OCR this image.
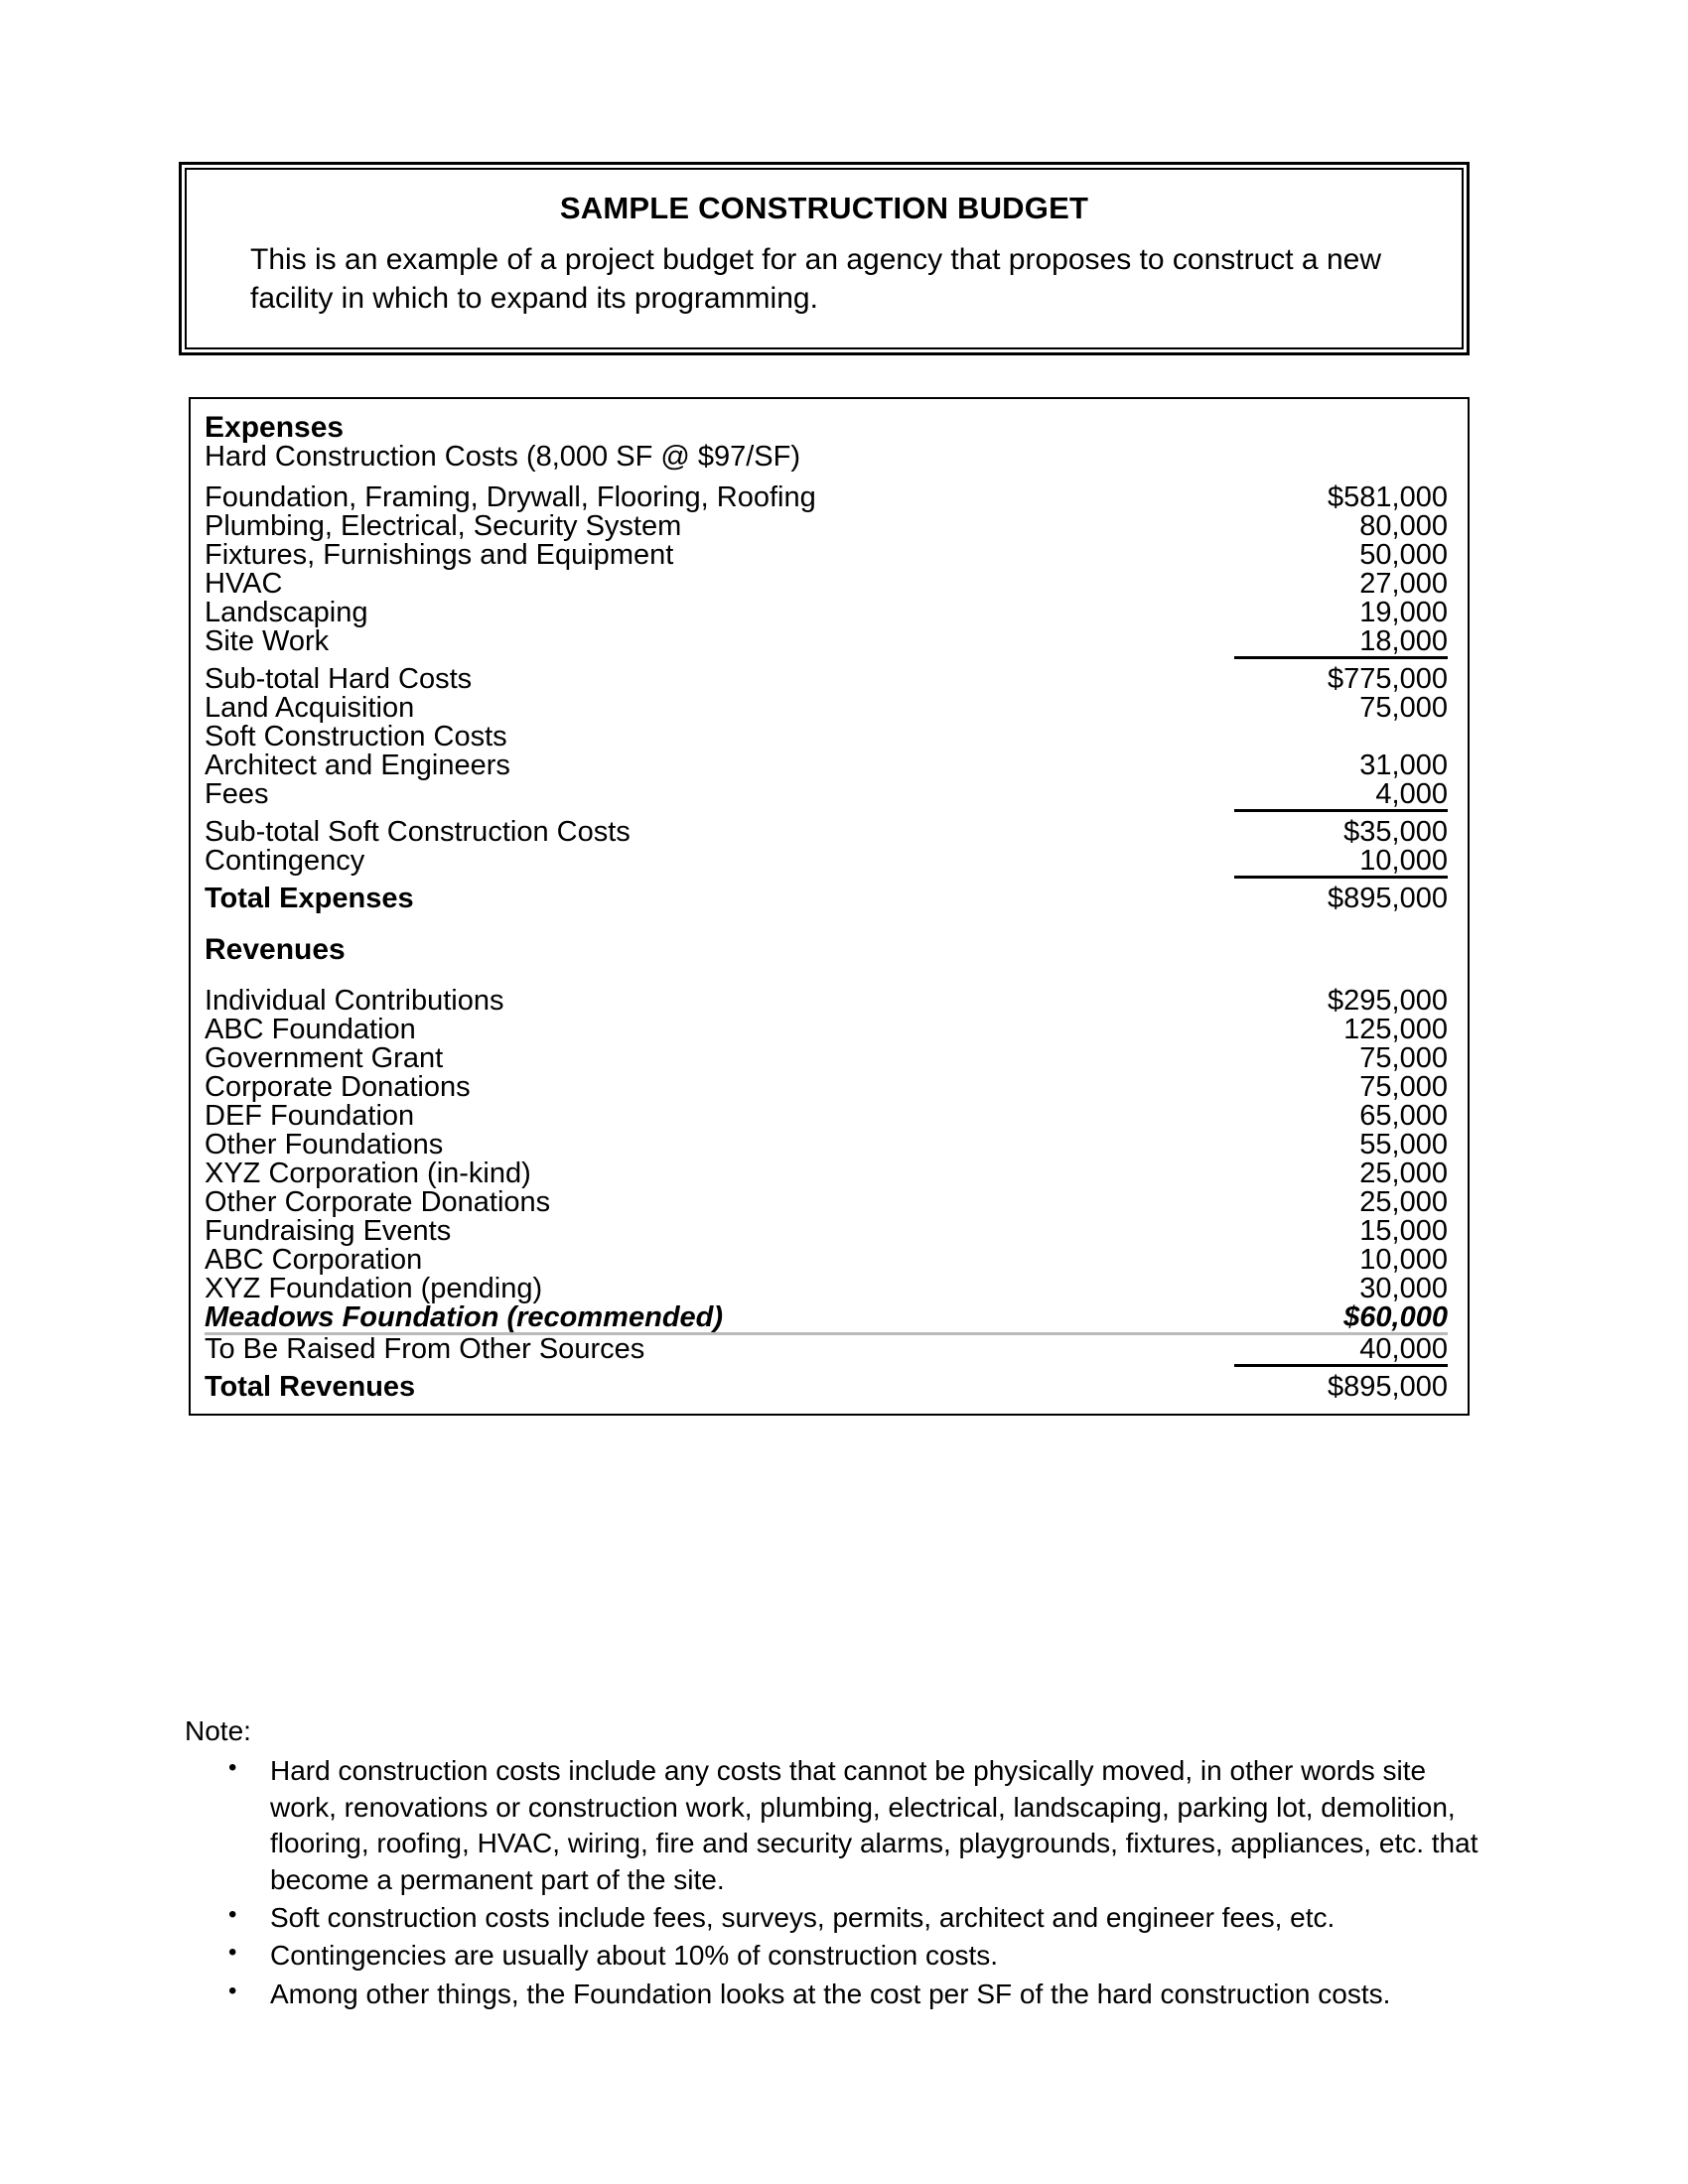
SAMPLE CONSTRUCTION BUDGET
This is an example of a project budget for an agency that proposes to construct a new facility in which to expand its programming.
Expenses	
Hard Construction Costs (8,000 SF @ $97/SF)	

Foundation, Framing, Drywall, Flooring, Roofing	$581,000
Plumbing, Electrical, Security System	80,000
Fixtures, Furnishings and Equipment	50,000
HVAC	27,000
Landscaping	19,000
Site Work	18,000
Sub-total Hard Costs	$775,000
Land Acquisition	75,000
Soft Construction Costs	
Architect and Engineers	31,000
Fees	4,000
Sub-total Soft Construction Costs	$35,000
Contingency	10,000
Total Expenses	$895,000

Revenues	

Individual Contributions	$295,000
ABC Foundation	125,000
Government Grant	75,000
Corporate Donations	75,000
DEF Foundation	65,000
Other Foundations	55,000
XYZ Corporation (in-kind)	25,000
Other Corporate Donations	25,000
Fundraising Events	15,000
ABC Corporation	10,000
XYZ Foundation (pending)	30,000
Meadows Foundation (recommended)	$60,000

To Be Raised From Other Sources	40,000
Total Revenues	$895,000

Note:

• Hard construction costs include any costs that cannot be physically moved, in other words site work, renovations or construction work, plumbing, electrical, landscaping, parking lot, demolition, flooring, roofing, HVAC, wiring, fire and security alarms, playgrounds, fixtures, appliances, etc. that become a permanent part of the site.
• Soft construction costs include fees, surveys, permits, architect and engineer fees, etc.
• Contingencies are usually about 10% of construction costs.
• Among other things, the Foundation looks at the cost per SF of the hard construction costs.
